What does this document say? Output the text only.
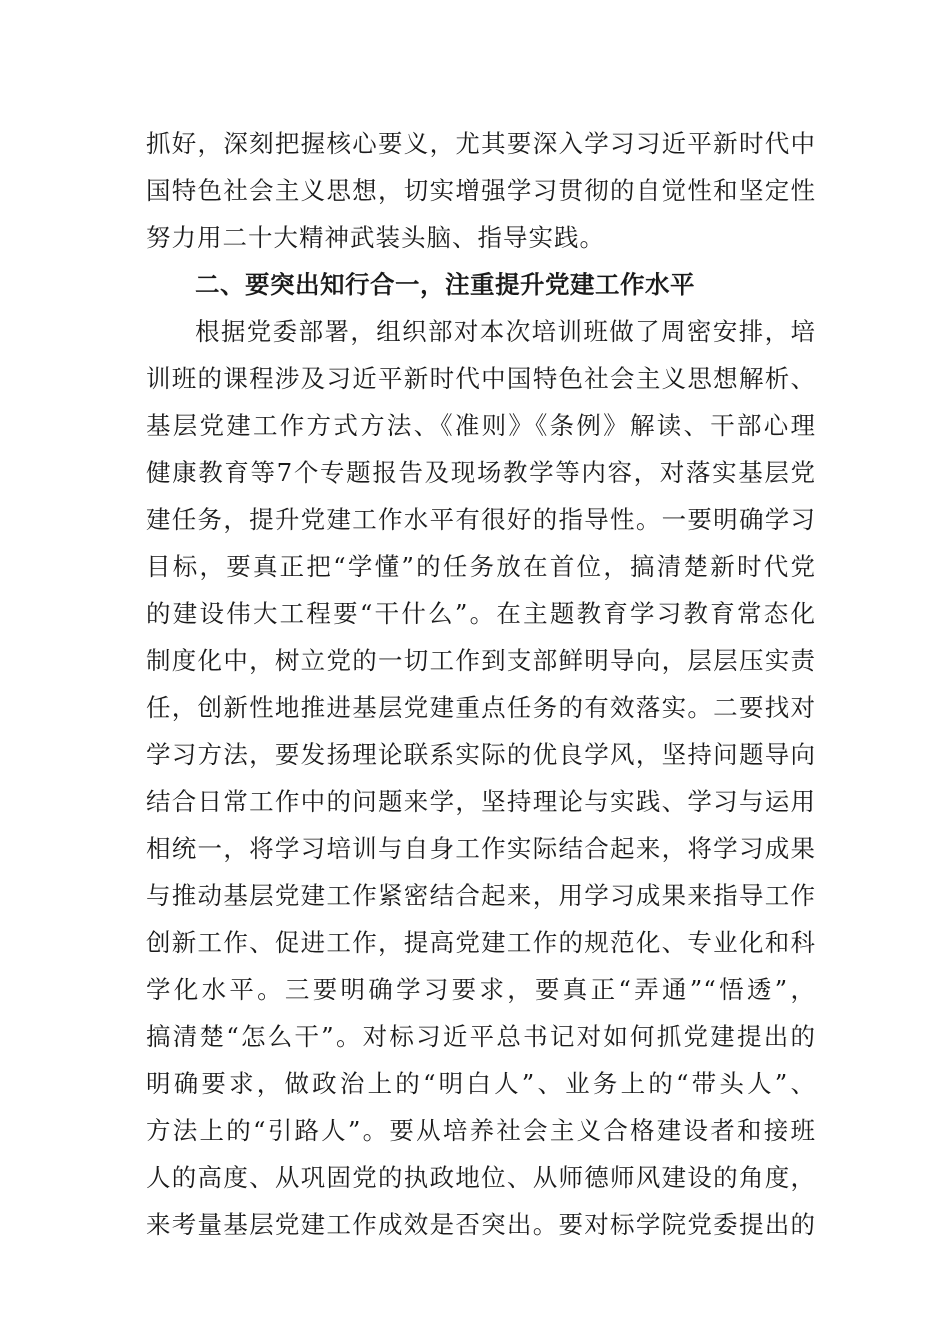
抓好，深刻把握核心要义，尤其要深入学习习近平新时代中
国特色社会主义思想，切实增强学习贯彻的自觉性和坚定性
努力用二十大精神武装头脑、指导实践。
二、要突出知行合一，注重提升党建工作水平
根据党委部署，组织部对本次培训班做了周密安排，培
训班的课程涉及习近平新时代中国特色社会主义思想解析、
基层党建工作方式方法、《准则》《条例》解读、干部心理
健康教育等7个专题报告及现场教学等内容，对落实基层党
建任务，提升党建工作水平有很好的指导性。一要明确学习
目标，要真正把“学懂”的任务放在首位，搞清楚新时代党
的建设伟大工程要“干什么”。在主题教育学习教育常态化
制度化中，树立党的一切工作到支部鲜明导向，层层压实责
任，创新性地推进基层党建重点任务的有效落实。二要找对
学习方法，要发扬理论联系实际的优良学风，坚持问题导向
结合日常工作中的问题来学，坚持理论与实践、学习与运用
相统一，将学习培训与自身工作实际结合起来，将学习成果
与推动基层党建工作紧密结合起来，用学习成果来指导工作
创新工作、促进工作，提高党建工作的规范化、专业化和科
学化水平。三要明确学习要求，要真正“弄通”“悟透”，
搞清楚“怎么干”。对标习近平总书记对如何抓党建提出的
明确要求，做政治上的“明白人”、业务上的“带头人”、
方法上的“引路人”。要从培养社会主义合格建设者和接班
人的高度、从巩固党的执政地位、从师德师风建设的角度，
来考量基层党建工作成效是否突出。要对标学院党委提出的
